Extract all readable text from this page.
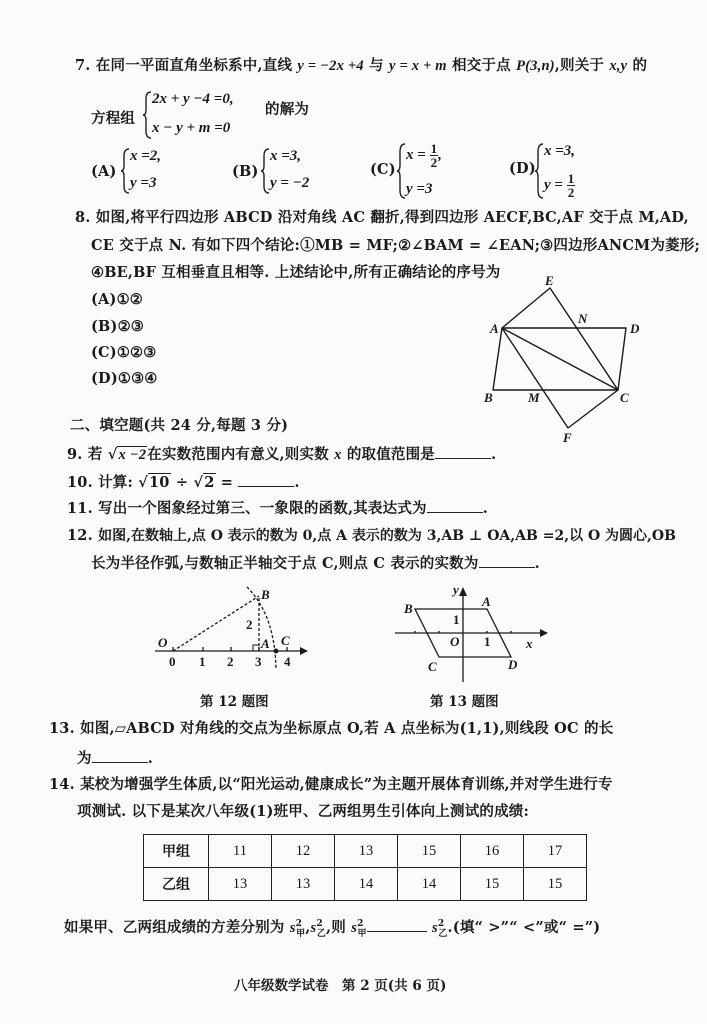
7. 在同一平面直角坐标系中,直线 y = −2x +4 与 y = x + m 相交于点 P(3,n),则关于 x,y 的
方程组
2x + y −4 =0,
x − y + m =0
的解为
(A)
x =2,
y =3
(B)
x =3,
y = −2
(C)
$x = \frac{1}{2}$ ,
y =3
(D)
x =3,
$y = \frac{1}{2}$
8. 如图,将平行四边形 ABCD 沿对角线 AC 翻折,得到四边形 AECF,BC,AF 交于点 M,AD,
CE 交于点 N. 有如下四个结论:①MB = MF;②∠BAM = ∠EAN;③四边形ANCM为菱形;
④BE,BF 互相垂直且相等. 上述结论中,所有正确结论的序号为
(A)①②
(B)②③
(C)①②③
(D)①③④
E
N
A	D
B	M	C
F
二、填空题(共 24 分,每题 3 分)
9. 若 √x −2在实数范围内有意义,则实数 x 的取值范围是	.
10. 计算: √10 ÷ √2 =	.
11. 写出一个图象经过第三、一象限的函数,其表达式为	.
12. 如图,在数轴上,点 O 表示的数为 0,点 A 表示的数为 3,AB ⊥ OA,AB =2,以 O 为圆心,OB
长为半径作弧,与数轴正半轴交于点 C,则点 C 表示的实数为	.
O
B
2
A C
0 1 2 3 4
第 12 题图
y
x
B	A
1
O 1
C	D
第 13 题图
13. 如图,▱ABCD 对角线的交点为坐标原点 O,若 A 点坐标为(1,1),则线段 OC 的长
为	.
14. 某校为增强学生体质,以“阳光运动,健康成长”为主题开展体育训练,并对学生进行专
项测试. 以下是某次八年级(1)班甲、乙两组男生引体向上测试的成绩:
甲组	11	12	13	15	16	17
乙组	13	13	14	14	15	15
如果甲、乙两组成绩的方差分别为 $s^2_甲,s^2_乙$,则 $s^2_甲$	$s^2_乙$.(填“ >”“ <”或“ =”)
八年级数学试卷　第 2 页(共 6 页)
